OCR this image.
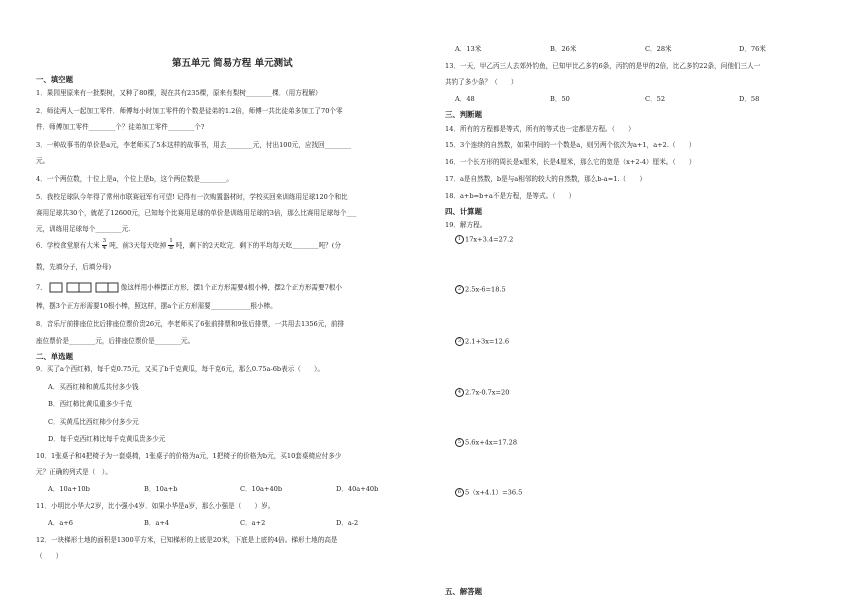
第五单元 简易方程 单元测试
一、填空题
1．果园里原来有一批梨树，又种了80棵，现在共有235棵，原来有梨树________棵．（用方程解）
2．师徒两人一起加工零件．师傅每小时加工零件的个数是徒弟的1.2倍，师傅一共比徒弟多加工了70个零
件．师傅加工零件________个？徒弟加工零件________个?
3．一种故事书的单价是a元，李老师买了5本这样的故事书，用去________元，付出100元，应找回________
元。
4．一个两位数，十位上是a，个位上是b，这个两位数是________。
5．我校足球队今年得了常州市联赛冠军有可望! 记得有一次购置器材时，学校买回来训练用足球120个和比
赛用足球共30个，就花了12600元，已知每个比赛用足球的单价是训练用足球的3倍，那么比赛用足球每个___
元，训练用足球每个________元.
6．学校食堂原有大米 $\frac{3}{4}$ 吨，前3天每天吃掉 $\frac{1}{8}$ 吨，剩下的2天吃完．剩下的平均每天吃________吨？(分
数，先填分子，后填分母)
7．	像这样用小棒摆正方形，摆1个正方形需要4根小棒，摆2个正方形需要7根小
棒，摆3个正方形需要10根小棒，照这样，摆a个正方形需要____________根小棒。
8．音乐厅前排座位比后排座位票价贵26元，李老师买了6张前排票和9张后排票，一共用去1356元，前排
座位票价是________元，后排座位票价是________元。
二、单选题
9．买了a个西红柿，每千克0.75元，又买了b千克黄瓜，每千克6元，那么0.75a-6b表示（　　）。
A．买西红柿和黄瓜共付多少钱
B．西红柿比黄瓜重多少千克
C．买黄瓜比西红柿少付多少元
D．每千克西红柿比每千克黄瓜贵多少元
10．1张桌子和4把椅子为一套桌椅，1张桌子的价格为a元，1把椅子的价格为b元，买10套桌椅应付多少
元？正确的列式是（　）。
A．10a+10b	B．10a+b	C．10a+40b	D．40a+40b
11．小明比小华大2岁，比小强小4岁．如果小华是a岁，那么小强是（　　）岁。
A．a+6	B．a+4	C．a+2	D．a-2
12．一块梯形土地的面积是1300平方米，已知梯形的上底是20米，下底是上底的4倍。梯形土地的高是
（　　）
A．13米	B．26米	C．28米	D．76米
13．一天，甲乙丙三人去郊外钓鱼，已知甲比乙多钓6条，丙钓的是甲的2倍，比乙多钓22条，问他们三人一
共钓了多少条？（　　）
A．48	B．50	C．52	D．58
三、判断题
14．所有的方程都是等式，所有的等式也一定都是方程。（　　）
15．3个连续的自然数，如果中间的一个数是a，则另两个依次为a+1，a+2.（　　）
16．一个长方形的周长是x厘米，长是4厘米，那么它的宽是（x+2-4）厘米。（　　）
17．a是自然数，b是与a相邻的较大的自然数，那么b-a=1.（　　）
18．a+b=b+a不是方程，是等式。（　　）
四、计算题
19．解方程。
1 17x+3.4=27.2
2 2.5x-6=18.5
3 2.1+3x=12.6
4 2.7x-0.7x=20
5 5.6x+4x=17.28
6 5（x+4.1）=36.5
五、解答题
